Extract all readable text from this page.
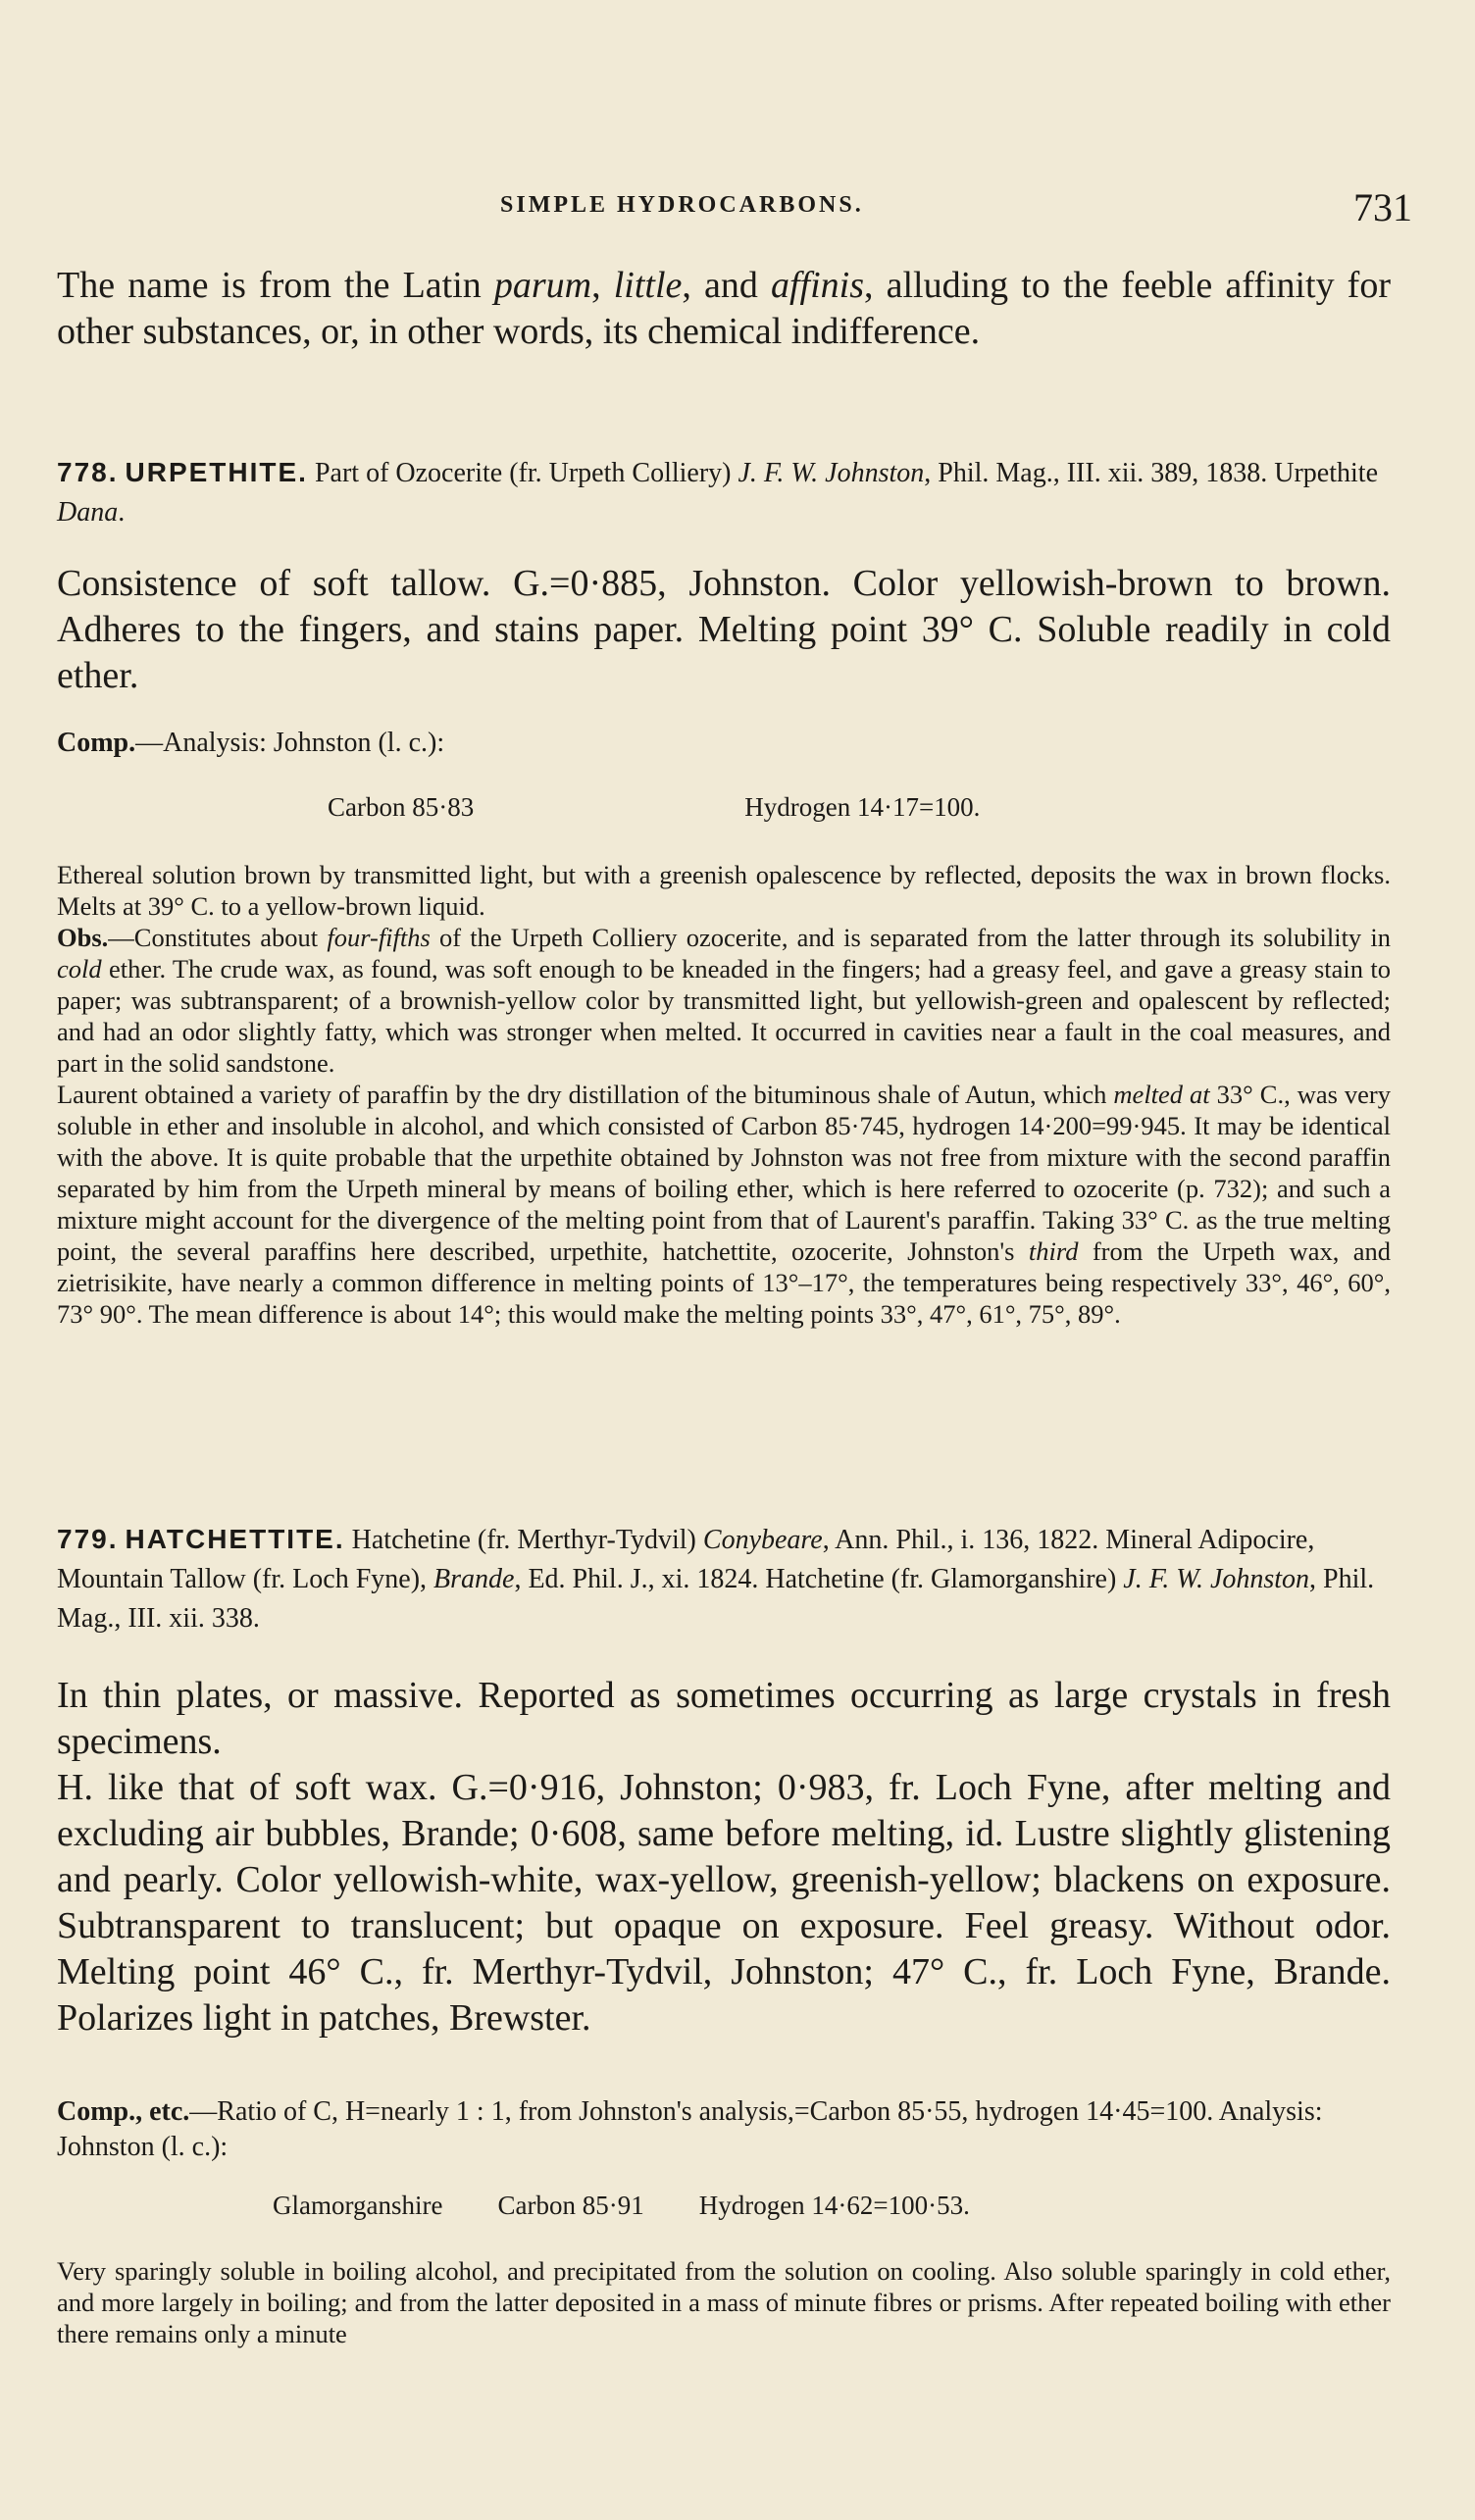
SIMPLE HYDROCARBONS.	731

The name is from the Latin parum, little, and affinis, alluding to the feeble affinity for other substances, or, in other words, its chemical indifference.

778. URPETHITE. Part of Ozocerite (fr. Urpeth Colliery) J. F. W. Johnston, Phil. Mag., III. xii. 389, 1838. Urpethite Dana.

Consistence of soft tallow. G.=0·885, Johnston. Color yellowish-brown to brown. Adheres to the fingers, and stains paper. Melting point 39° C. Soluble readily in cold ether.

Comp.—Analysis: Johnston (l. c.):

Carbon 85·83	Hydrogen 14·17=100.

Ethereal solution brown by transmitted light, but with a greenish opalescence by reflected, deposits the wax in brown flocks. Melts at 39° C. to a yellow-brown liquid.

Obs.—Constitutes about four-fifths of the Urpeth Colliery ozocerite, and is separated from the latter through its solubility in cold ether. The crude wax, as found, was soft enough to be kneaded in the fingers; had a greasy feel, and gave a greasy stain to paper; was subtransparent; of a brownish-yellow color by transmitted light, but yellowish-green and opalescent by reflected; and had an odor slightly fatty, which was stronger when melted. It occurred in cavities near a fault in the coal measures, and part in the solid sandstone.

Laurent obtained a variety of paraffin by the dry distillation of the bituminous shale of Autun, which melted at 33° C., was very soluble in ether and insoluble in alcohol, and which consisted of Carbon 85·745, hydrogen 14·200=99·945. It may be identical with the above. It is quite probable that the urpethite obtained by Johnston was not free from mixture with the second paraffin separated by him from the Urpeth mineral by means of boiling ether, which is here referred to ozocerite (p. 732); and such a mixture might account for the divergence of the melting point from that of Laurent's paraffin. Taking 33° C. as the true melting point, the several paraffins here described, urpethite, hatchettite, ozocerite, Johnston's third from the Urpeth wax, and zietrisikite, have nearly a common difference in melting points of 13°–17°, the temperatures being respectively 33°, 46°, 60°, 73° 90°. The mean difference is about 14°; this would make the melting points 33°, 47°, 61°, 75°, 89°.

779. HATCHETTITE. Hatchetine (fr. Merthyr-Tydvil) Conybeare, Ann. Phil., i. 136, 1822. Mineral Adipocire, Mountain Tallow (fr. Loch Fyne), Brande, Ed. Phil. J., xi. 1824. Hatchetine (fr. Glamorganshire) J. F. W. Johnston, Phil. Mag., III. xii. 338.

In thin plates, or massive. Reported as sometimes occurring as large crystals in fresh specimens.

H. like that of soft wax. G.=0·916, Johnston; 0·983, fr. Loch Fyne, after melting and excluding air bubbles, Brande; 0·608, same before melting, id. Lustre slightly glistening and pearly. Color yellowish-white, wax-yellow, greenish-yellow; blackens on exposure. Subtransparent to translucent; but opaque on exposure. Feel greasy. Without odor. Melting point 46° C., fr. Merthyr-Tydvil, Johnston; 47° C., fr. Loch Fyne, Brande. Polarizes light in patches, Brewster.

Comp., etc.—Ratio of C, H=nearly 1 : 1, from Johnston's analysis,=Carbon 85·55, hydrogen 14·45=100. Analysis: Johnston (l. c.):

Glamorganshire Carbon 85·91 Hydrogen 14·62=100·53.

Very sparingly soluble in boiling alcohol, and precipitated from the solution on cooling. Also soluble sparingly in cold ether, and more largely in boiling; and from the latter deposited in a mass of minute fibres or prisms. After repeated boiling with ether there remains only a minute
